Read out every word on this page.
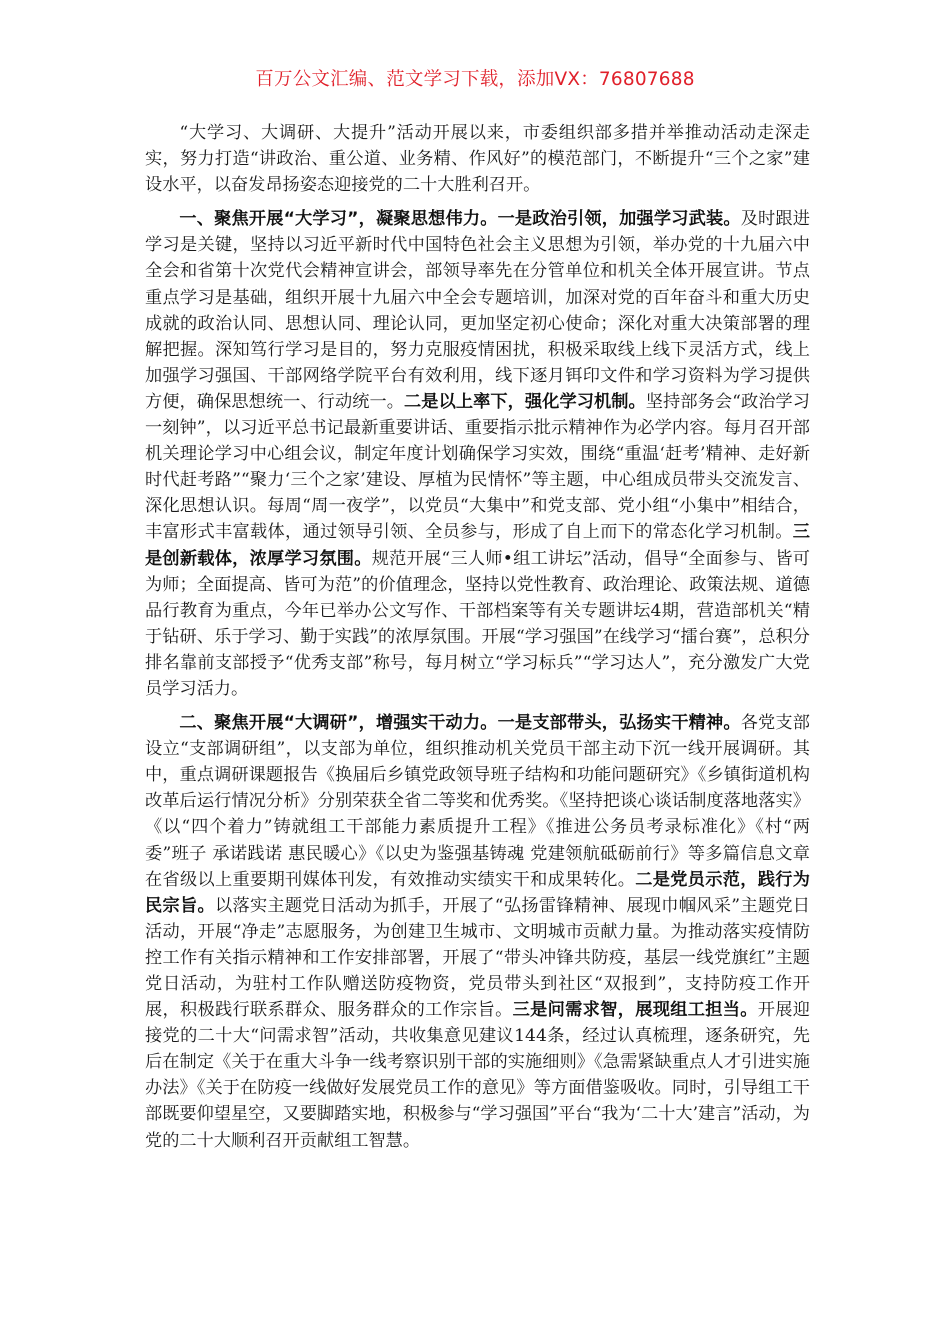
百万公文汇编、范文学习下载，添加VX：76807688

“大学习、大调研、大提升”活动开展以来，市委组织部多措并举推动活动走深走实，努力打造“讲政治、重公道、业务精、作风好”的模范部门，不断提升“三个之家”建设水平，以奋发昂扬姿态迎接党的二十大胜利召开。

一、聚焦开展“大学习”，凝聚思想伟力。一是政治引领，加强学习武装。及时跟进学习是关键，坚持以习近平新时代中国特色社会主义思想为引领，举办党的十九届六中全会和省第十次党代会精神宣讲会，部领导率先在分管单位和机关全体开展宣讲。节点重点学习是基础，组织开展十九届六中全会专题培训，加深对党的百年奋斗和重大历史成就的政治认同、思想认同、理论认同，更加坚定初心使命；深化对重大决策部署的理解把握。深知笃行学习是目的，努力克服疫情困扰，积极采取线上线下灵活方式，线上加强学习强国、干部网络学院平台有效利用，线下逐月铒印文件和学习资料为学习提供方便，确保思想统一、行动统一。二是以上率下，强化学习机制。坚持部务会“政治学习一刻钟”，以习近平总书记最新重要讲话、重要指示批示精神作为必学内容。每月召开部机关理论学习中心组会议，制定年度计划确保学习实效，围绕“重温‘赶考’精神、走好新时代赶考路”“聚力‘三个之家’建设、厚植为民情怀”等主题，中心组成员带头交流发言、深化思想认识。每周“周一夜学”，以党员“大集中”和党支部、党小组“小集中”相结合，丰富形式丰富载体，通过领导引领、全员参与，形成了自上而下的常态化学习机制。三是创新载体，浓厚学习氛围。规范开展“三人师•组工讲坛”活动，倡导“全面参与、皆可为师；全面提高、皆可为范”的价值理念，坚持以党性教育、政治理论、政策法规、道德品行教育为重点，今年已举办公文写作、干部档案等有关专题讲坛4期，营造部机关“精于钻研、乐于学习、勤于实践”的浓厚氛围。开展“学习强国”在线学习“擂台赛”，总积分排名靠前支部授予“优秀支部”称号，每月树立“学习标兵”“学习达人”，充分激发广大党员学习活力。

二、聚焦开展“大调研”，增强实干动力。一是支部带头，弘扬实干精神。各党支部设立“支部调研组”，以支部为单位，组织推动机关党员干部主动下沉一线开展调研。其中，重点调研课题报告《换届后乡镇党政领导班子结构和功能问题研究》《乡镇街道机构改革后运行情况分析》分别荣获全省二等奖和优秀奖。《坚持把谈心谈话制度落地落实》《以“四个着力”铸就组工干部能力素质提升工程》《推进公务员考录标准化》《村“两委”班子 承诺践诺 惠民暖心》《以史为鉴强基铸魂 党建领航砥砺前行》等多篇信息文章在省级以上重要期刊媒体刊发，有效推动实绩实干和成果转化。二是党员示范，践行为民宗旨。以落实主题党日活动为抓手，开展了“弘扬雷锋精神、展现巾帼风采”主题党日活动，开展“净走”志愿服务，为创建卫生城市、文明城市贡献力量。为推动落实疫情防控工作有关指示精神和工作安排部署，开展了“带头冲锋共防疫，基层一线党旗红”主题党日活动，为驻村工作队赠送防疫物资，党员带头到社区“双报到”，支持防疫工作开展，积极践行联系群众、服务群众的工作宗旨。三是问需求智，展现组工担当。开展迎接党的二十大“问需求智”活动，共收集意见建议144条，经过认真梳理，逐条研究，先后在制定《关于在重大斗争一线考察识别干部的实施细则》《急需紧缺重点人才引进实施办法》《关于在防疫一线做好发展党员工作的意见》等方面借鉴吸收。同时，引导组工干部既要仰望星空，又要脚踏实地，积极参与“学习强国”平台“我为‘二十大’建言”活动，为党的二十大顺利召开贡献组工智慧。
